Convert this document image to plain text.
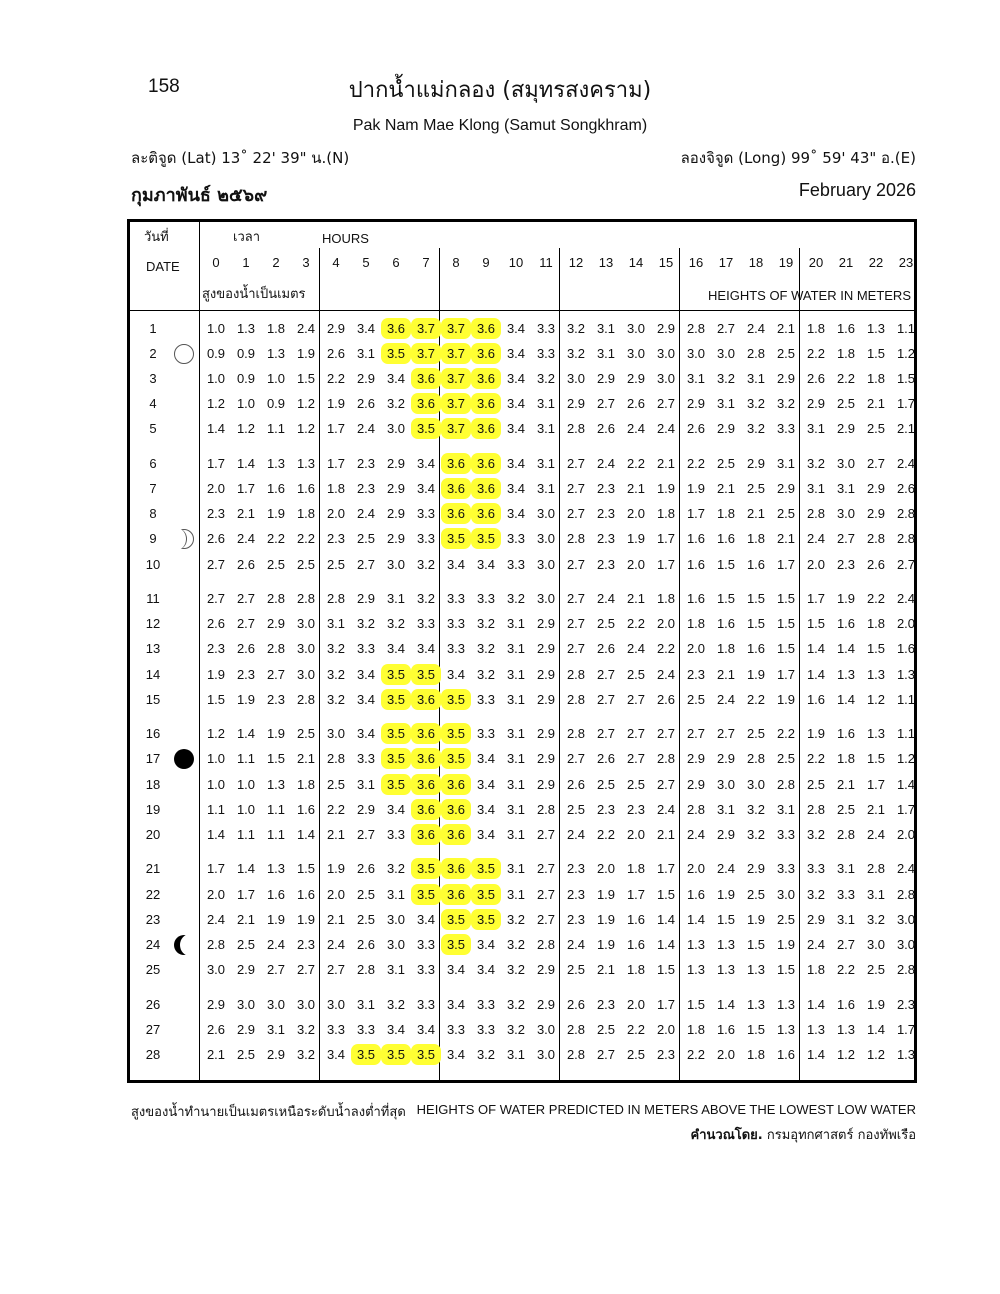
158	ปากน้ำแม่กลอง (สมุทรสงคราม)
Pak Nam Mae Klong (Samut Songkhram)
ละติจูด (Lat) 13˚ 22' 39" น.(N)	ลองจิจูด (Long) 99˚ 59' 43" อ.(E)
กุมภาพันธ์ ๒๕๖๙	February 2026
วันที่
DATE
เวลา	HOURS
สูงของน้ำเป็นเมตร	HEIGHTS OF WATER IN METERS
0	1	2	3	4	5	6	7	8	9	10	11	12	13	14	15	16	17	18	19	20	21	22	23
1	1.0 1.3 1.8 2.4 2.9 3.4 3.6 3.7 3.7 3.6 3.4 3.3 3.2 3.1 3.0 2.9 2.8 2.7 2.4 2.1 1.8 1.6 1.3 1.1
2	0.9 0.9 1.3 1.9 2.6 3.1 3.5 3.7 3.7 3.6 3.4 3.3 3.2 3.1 3.0 3.0 3.0 3.0 2.8 2.5 2.2 1.8 1.5 1.2
3	1.0 0.9 1.0 1.5 2.2 2.9 3.4 3.6 3.7 3.6 3.4 3.2 3.0 2.9 2.9 3.0 3.1 3.2 3.1 2.9 2.6 2.2 1.8 1.5
4	1.2 1.0 0.9 1.2 1.9 2.6 3.2 3.6 3.7 3.6 3.4 3.1 2.9 2.7 2.6 2.7 2.9 3.1 3.2 3.2 2.9 2.5 2.1 1.7
5	1.4 1.2 1.1 1.2 1.7 2.4 3.0 3.5 3.7 3.6 3.4 3.1 2.8 2.6 2.4 2.4 2.6 2.9 3.2 3.3 3.1 2.9 2.5 2.1
6	1.7 1.4 1.3 1.3 1.7 2.3 2.9 3.4 3.6 3.6 3.4 3.1 2.7 2.4 2.2 2.1 2.2 2.5 2.9 3.1 3.2 3.0 2.7 2.4
7	2.0 1.7 1.6 1.6 1.8 2.3 2.9 3.4 3.6 3.6 3.4 3.1 2.7 2.3 2.1 1.9 1.9 2.1 2.5 2.9 3.1 3.1 2.9 2.6
8	2.3 2.1 1.9 1.8 2.0 2.4 2.9 3.3 3.6 3.6 3.4 3.0 2.7 2.3 2.0 1.8 1.7 1.8 2.1 2.5 2.8 3.0 2.9 2.8
9	2.6 2.4 2.2 2.2 2.3 2.5 2.9 3.3 3.5 3.5 3.3 3.0 2.8 2.3 1.9 1.7 1.6 1.6 1.8 2.1 2.4 2.7 2.8 2.8
10	2.7 2.6 2.5 2.5 2.5 2.7 3.0 3.2 3.4 3.4 3.3 3.0 2.7 2.3 2.0 1.7 1.6 1.5 1.6 1.7 2.0 2.3 2.6 2.7
11	2.7 2.7 2.8 2.8 2.8 2.9 3.1 3.2 3.3 3.3 3.2 3.0 2.7 2.4 2.1 1.8 1.6 1.5 1.5 1.5 1.7 1.9 2.2 2.4
12	2.6 2.7 2.9 3.0 3.1 3.2 3.2 3.3 3.3 3.2 3.1 2.9 2.7 2.5 2.2 2.0 1.8 1.6 1.5 1.5 1.5 1.6 1.8 2.0
13	2.3 2.6 2.8 3.0 3.2 3.3 3.4 3.4 3.3 3.2 3.1 2.9 2.7 2.6 2.4 2.2 2.0 1.8 1.6 1.5 1.4 1.4 1.5 1.6
14	1.9 2.3 2.7 3.0 3.2 3.4 3.5 3.5 3.4 3.2 3.1 2.9 2.8 2.7 2.5 2.4 2.3 2.1 1.9 1.7 1.4 1.3 1.3 1.3
15	1.5 1.9 2.3 2.8 3.2 3.4 3.5 3.6 3.5 3.3 3.1 2.9 2.8 2.7 2.7 2.6 2.5 2.4 2.2 1.9 1.6 1.4 1.2 1.1
16	1.2 1.4 1.9 2.5 3.0 3.4 3.5 3.6 3.5 3.3 3.1 2.9 2.8 2.7 2.7 2.7 2.7 2.7 2.5 2.2 1.9 1.6 1.3 1.1
17	1.0 1.1 1.5 2.1 2.8 3.3 3.5 3.6 3.5 3.4 3.1 2.9 2.7 2.6 2.7 2.8 2.9 2.9 2.8 2.5 2.2 1.8 1.5 1.2
18	1.0 1.0 1.3 1.8 2.5 3.1 3.5 3.6 3.6 3.4 3.1 2.9 2.6 2.5 2.5 2.7 2.9 3.0 3.0 2.8 2.5 2.1 1.7 1.4
19	1.1 1.0 1.1 1.6 2.2 2.9 3.4 3.6 3.6 3.4 3.1 2.8 2.5 2.3 2.3 2.4 2.8 3.1 3.2 3.1 2.8 2.5 2.1 1.7
20	1.4 1.1 1.1 1.4 2.1 2.7 3.3 3.6 3.6 3.4 3.1 2.7 2.4 2.2 2.0 2.1 2.4 2.9 3.2 3.3 3.2 2.8 2.4 2.0
21	1.7 1.4 1.3 1.5 1.9 2.6 3.2 3.5 3.6 3.5 3.1 2.7 2.3 2.0 1.8 1.7 2.0 2.4 2.9 3.3 3.3 3.1 2.8 2.4
22	2.0 1.7 1.6 1.6 2.0 2.5 3.1 3.5 3.6 3.5 3.1 2.7 2.3 1.9 1.7 1.5 1.6 1.9 2.5 3.0 3.2 3.3 3.1 2.8
23	2.4 2.1 1.9 1.9 2.1 2.5 3.0 3.4 3.5 3.5 3.2 2.7 2.3 1.9 1.6 1.4 1.4 1.5 1.9 2.5 2.9 3.1 3.2 3.0
24	2.8 2.5 2.4 2.3 2.4 2.6 3.0 3.3 3.5 3.4 3.2 2.8 2.4 1.9 1.6 1.4 1.3 1.3 1.5 1.9 2.4 2.7 3.0 3.0
25	3.0 2.9 2.7 2.7 2.7 2.8 3.1 3.3 3.4 3.4 3.2 2.9 2.5 2.1 1.8 1.5 1.3 1.3 1.3 1.5 1.8 2.2 2.5 2.8
26	2.9 3.0 3.0 3.0 3.0 3.1 3.2 3.3 3.4 3.3 3.2 2.9 2.6 2.3 2.0 1.7 1.5 1.4 1.3 1.3 1.4 1.6 1.9 2.3
27	2.6 2.9 3.1 3.2 3.3 3.3 3.4 3.4 3.3 3.3 3.2 3.0 2.8 2.5 2.2 2.0 1.8 1.6 1.5 1.3 1.3 1.3 1.4 1.7
28	2.1 2.5 2.9 3.2 3.4 3.5 3.5 3.5 3.4 3.2 3.1 3.0 2.8 2.7 2.5 2.3 2.2 2.0 1.8 1.6 1.4 1.2 1.2 1.3
สูงของน้ำทำนายเป็นเมตรเหนือระดับน้ำลงต่ำที่สุด HEIGHTS OF WATER PREDICTED IN METERS ABOVE THE LOWEST LOW WATER
คำนวณโดย. กรมอุทกศาสตร์ กองทัพเรือ
